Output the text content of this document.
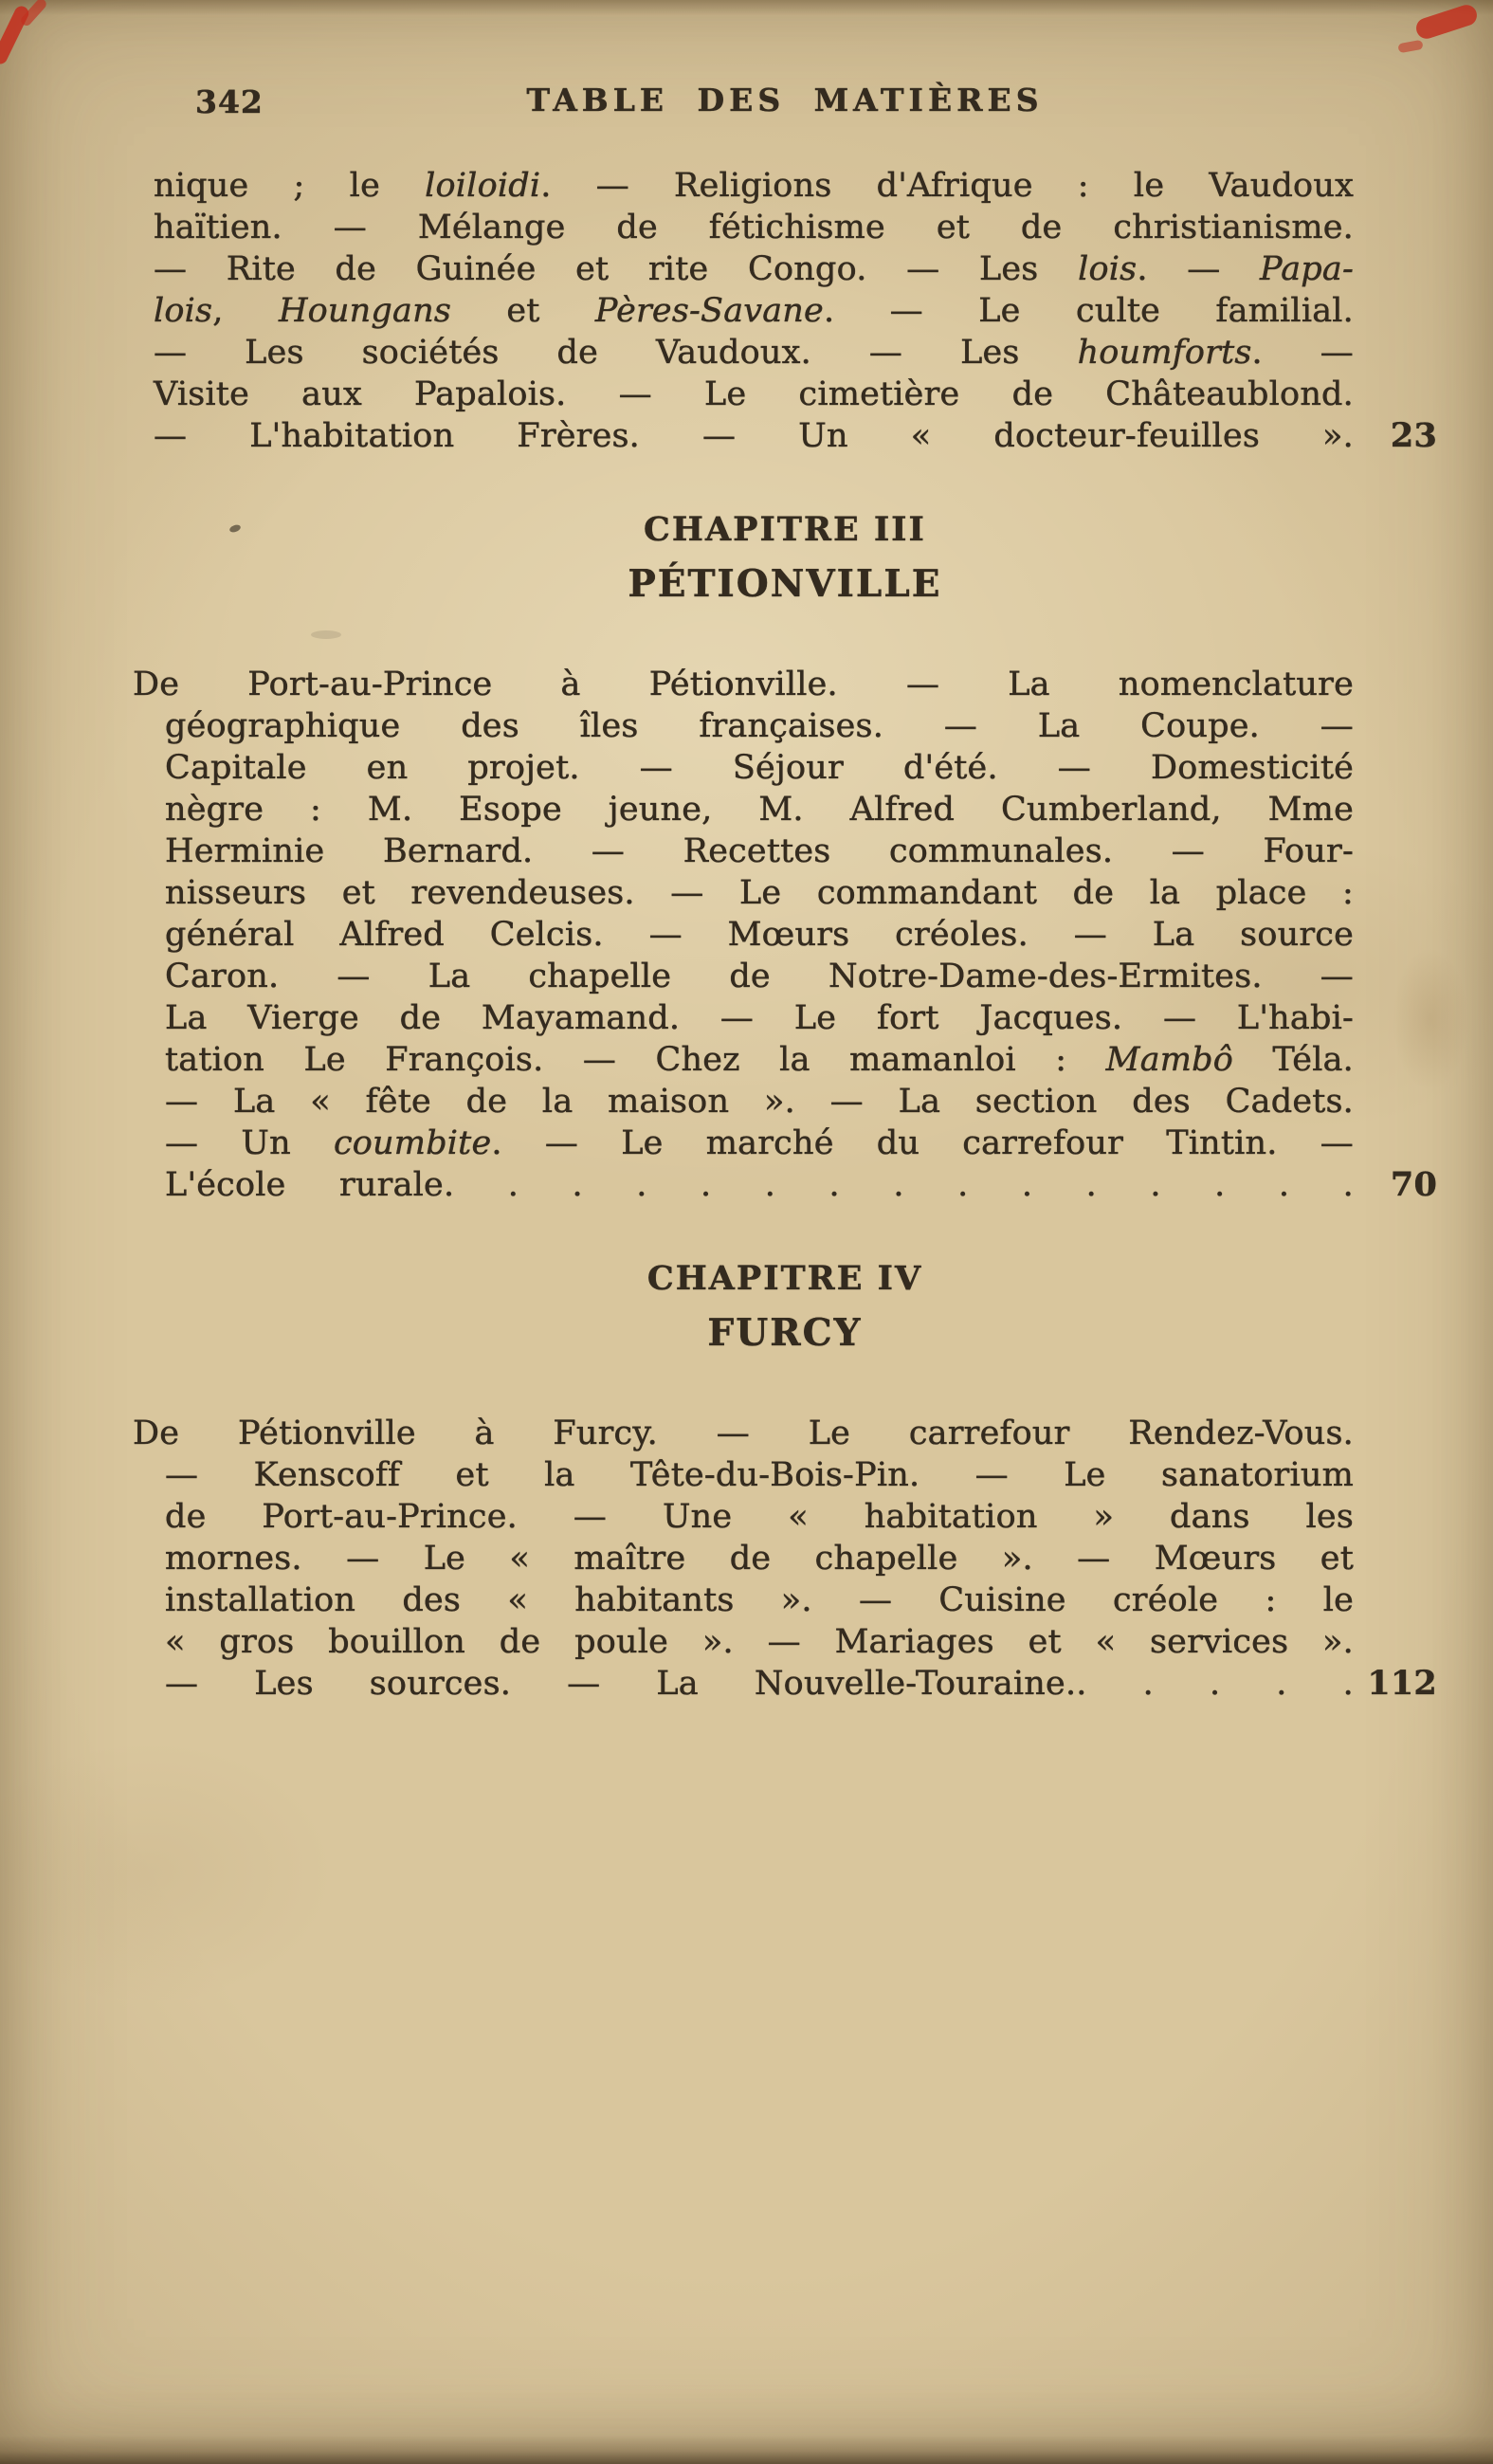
342	TABLE DES MATIÈRES
nique ; le loiloidi. — Religions d'Afrique : le Vaudoux
haïtien. — Mélange de fétichisme et de christianisme.
— Rite de Guinée et rite Congo. — Les lois. — Papa-
lois, Houngans et Pères-Savane. — Le culte familial.
— Les sociétés de Vaudoux. — Les houmforts. —
Visite aux Papalois. — Le cimetière de Châteaublond.
— L'habitation Frères. — Un « docteur-feuilles ». 23
CHAPITRE III
PÉTIONVILLE
De Port-au-Prince à Pétionville. — La nomenclature
géographique des îles françaises. — La Coupe. —
Capitale en projet. — Séjour d'été. — Domesticité
nègre : M. Esope jeune, M. Alfred Cumberland, Mme
Herminie Bernard. — Recettes communales. — Four-
nisseurs et revendeuses. — Le commandant de la place :
général Alfred Celcis. — Mœurs créoles. — La source
Caron. — La chapelle de Notre-Dame-des-Ermites. —
La Vierge de Mayamand. — Le fort Jacques. — L'habi-
tation Le François. — Chez la mamanloi : Mambô Téla.
— La « fête de la maison ». — La section des Cadets.
— Un coumbite. — Le marché du carrefour Tintin. —
L'école rurale. . . . . . . . . . . . . . . 70
CHAPITRE IV
FURCY
De Pétionville à Furcy. — Le carrefour Rendez-Vous.
— Kenscoff et la Tête-du-Bois-Pin. — Le sanatorium
de Port-au-Prince. — Une « habitation » dans les
mornes. — Le « maître de chapelle ». — Mœurs et
installation des « habitants ». — Cuisine créole : le
« gros bouillon de poule ». — Mariages et « services ».
— Les sources. — La Nouvelle-Touraine.. . . . . 112
